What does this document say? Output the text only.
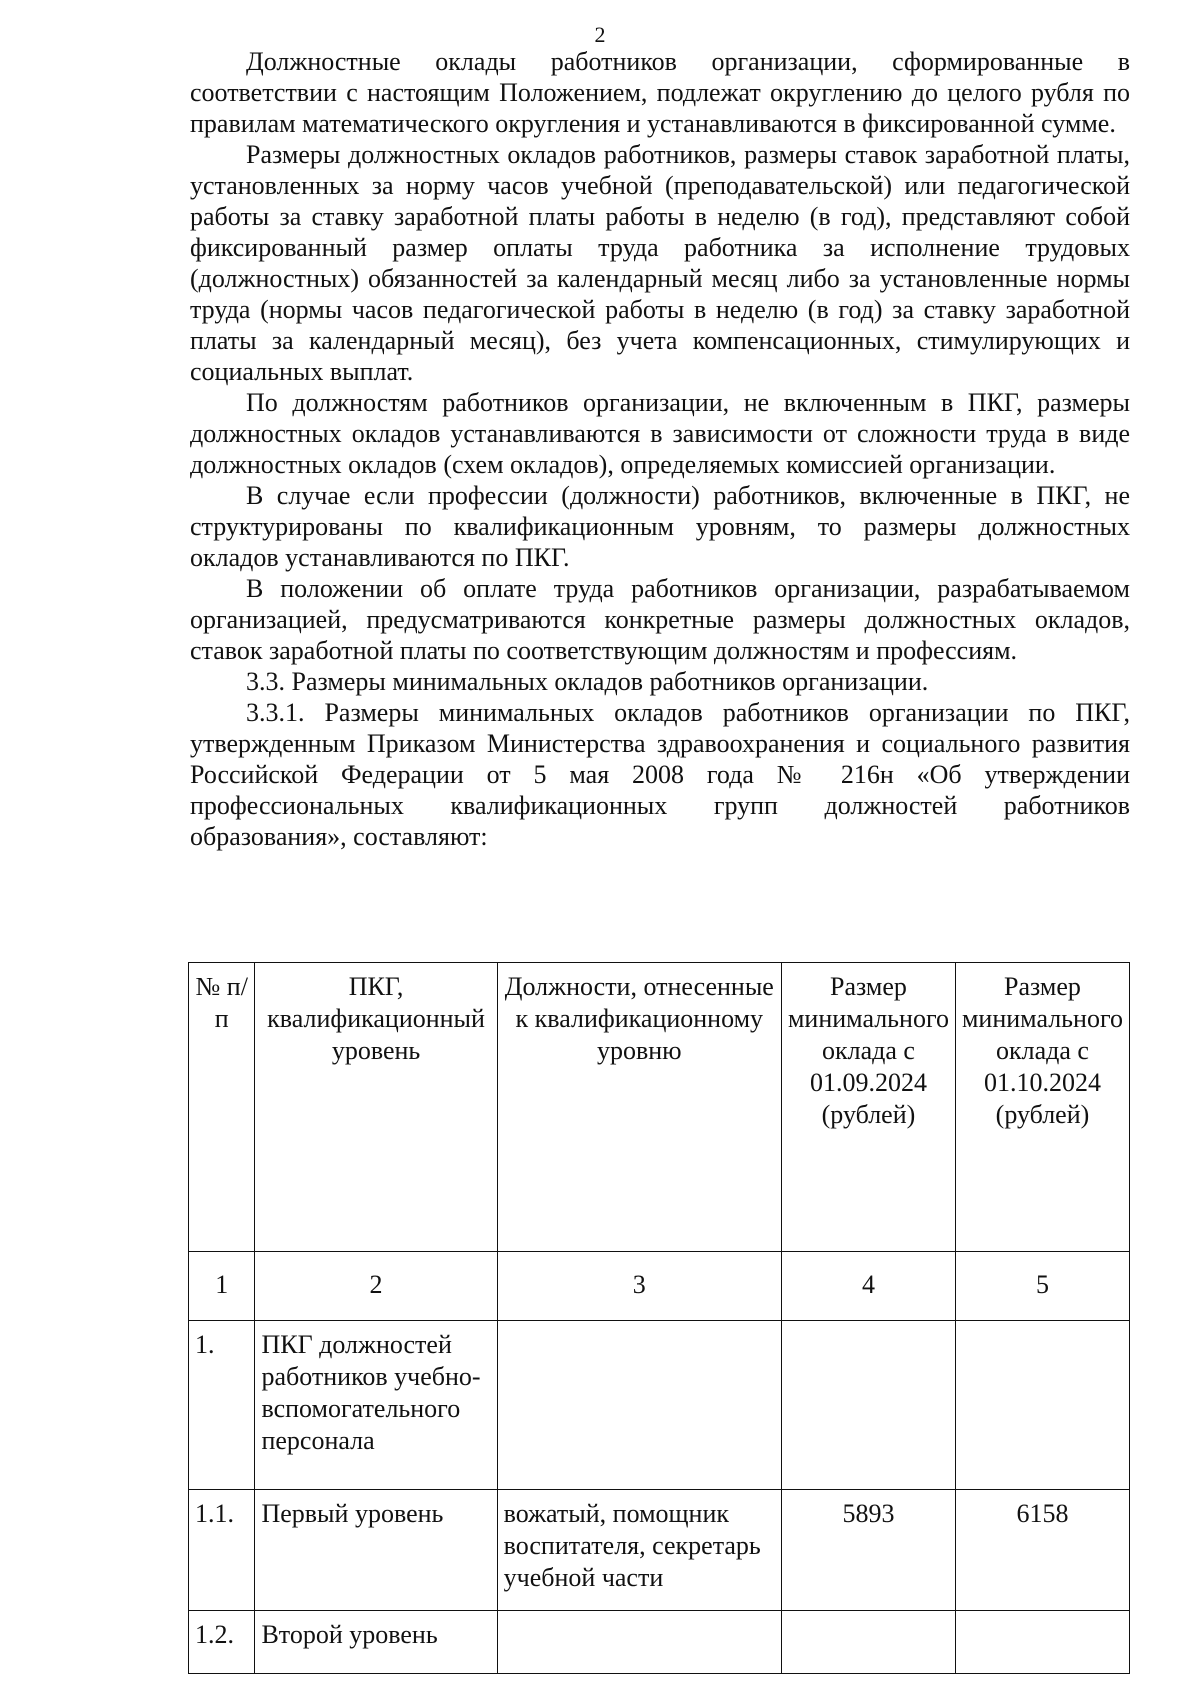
2

Должностные оклады работников организации, сформированные в соответствии с настоящим Положением, подлежат округлению до целого рубля по правилам математического округления и устанавливаются в фиксированной сумме.

Размеры должностных окладов работников, размеры ставок заработной платы, установленных за норму часов учебной (преподавательской) или педагогической работы за ставку заработной платы работы в неделю (в год), представляют собой фиксированный размер оплаты труда работника за исполнение трудовых (должностных) обязанностей за календарный месяц либо за установленные нормы труда (нормы часов педагогической работы в неделю (в год) за ставку заработной платы за календарный месяц), без учета компенсационных, стимулирующих и социальных выплат.

По должностям работников организации, не включенным в ПКГ, размеры должностных окладов устанавливаются в зависимости от сложности труда в виде должностных окладов (схем окладов), определяемых комиссией организации.

В случае если профессии (должности) работников, включенные в ПКГ, не структурированы по квалификационным уровням, то размеры должностных окладов устанавливаются по ПКГ.

В положении об оплате труда работников организации, разрабатываемом организацией, предусматриваются конкретные размеры должностных окладов, ставок заработной платы по соответствующим должностям и профессиям.

3.3. Размеры минимальных окладов работников организации.

3.3.1. Размеры минимальных окладов работников организации по ПКГ, утвержденным Приказом Министерства здравоохранения и социального развития Российской Федерации от 5 мая 2008 года № 216н «Об утверждении профессиональных квалификационных групп должностей работников образования», составляют:

№ п/п	ПКГ, квалификационный уровень	Должности, отнесенные к квалификационному уровню	Размер минимального оклада с 01.09.2024 (рублей)	Размер минимального оклада с 01.10.2024 (рублей)
1	2	3	4	5
1.	ПКГ должностей работников учебно-вспомогательного персонала			
1.1.	Первый уровень	вожатый, помощник воспитателя, секретарь учебной части	5893	6158
1.2.	Второй уровень			
